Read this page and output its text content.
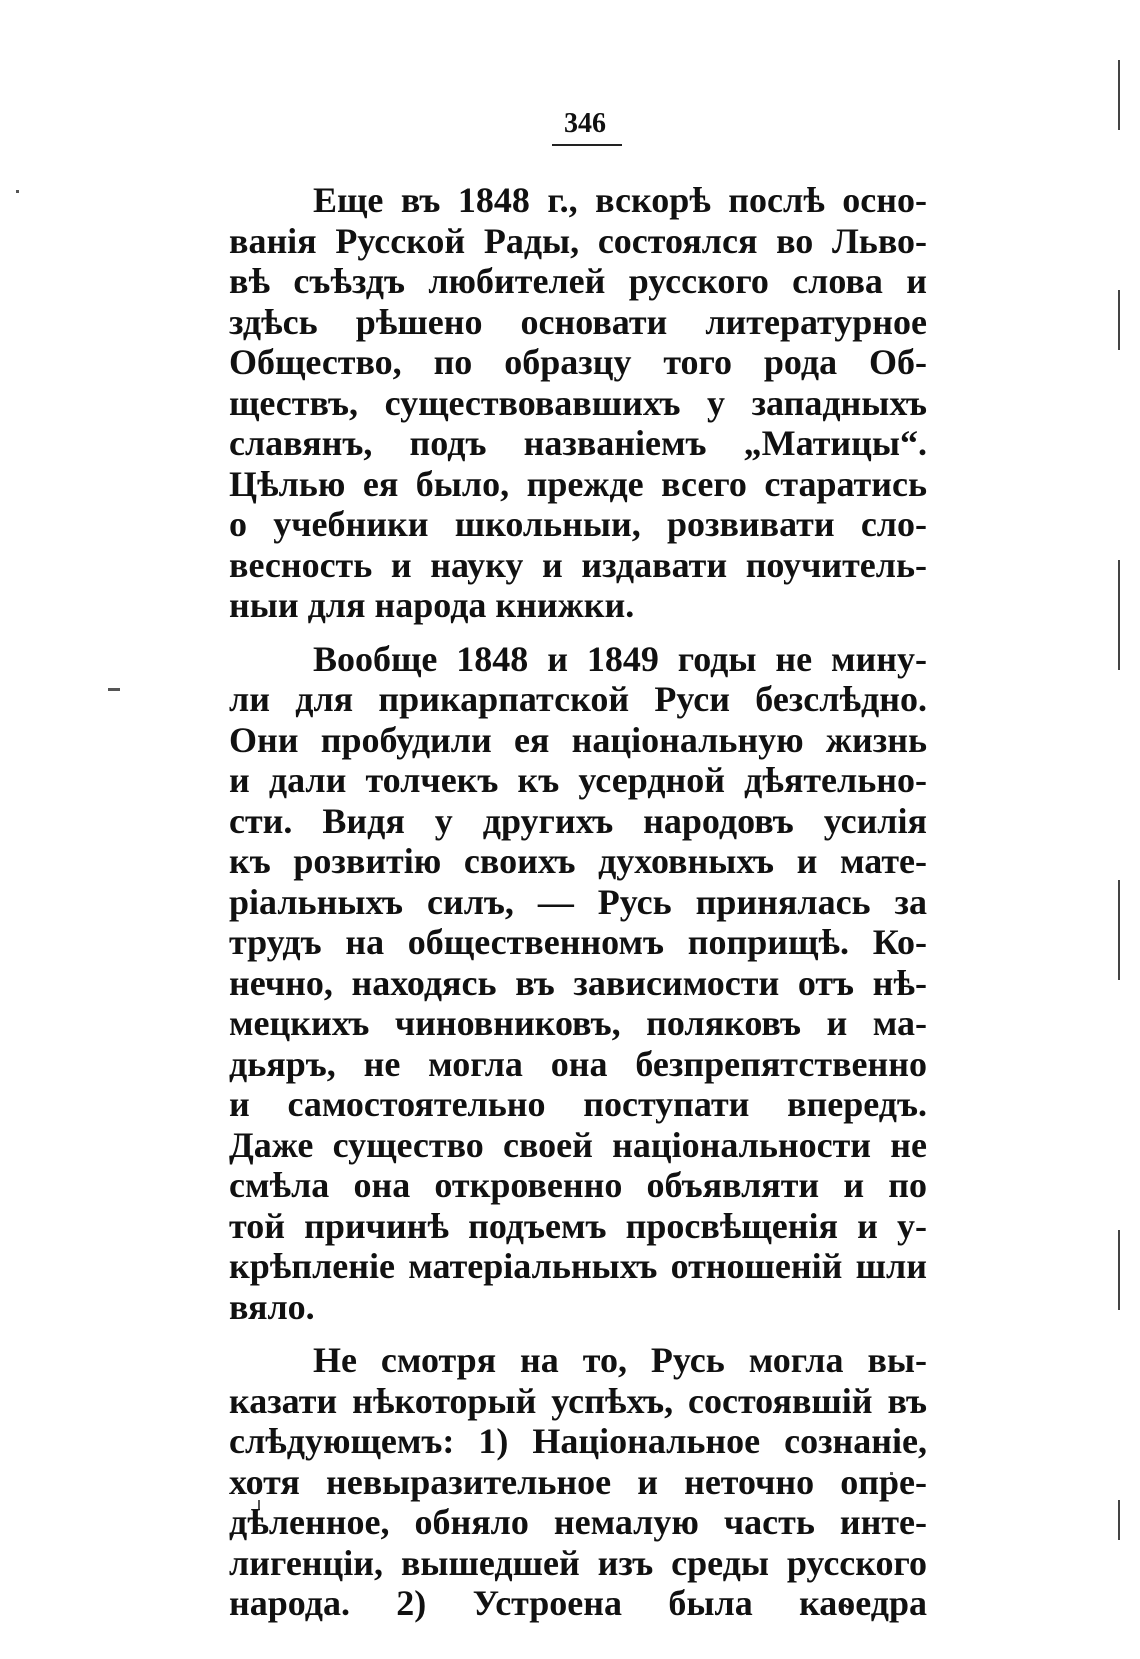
346
Еще въ 1848 г., вскорѣ послѣ осно-
ванія Русской Рады, состоялся во Льво-
вѣ съѣздъ любителей русского слова и
здѣсь рѣшено основати литературное
Общество, по образцу того рода Об-
ществъ, существовавшихъ у западныхъ
славянъ, подъ названіемъ „Матицы“.
Цѣлью ея было, прежде всего старатись
о учебники школьныи, розвивати сло-
весность и науку и издавати поучитель-
ныи для народа книжки.
Вообще 1848 и 1849 годы не мину-
ли для прикарпатской Руси безслѣдно.
Они пробудили ея національную жизнь
и дали толчекъ къ усердной дѣятельно-
сти. Видя у другихъ народовъ усилія
къ розвитію своихъ духовныхъ и мате-
ріальныхъ силъ, — Русь принялась за
трудъ на общественномъ поприщѣ. Ко-
нечно, находясь въ зависимости отъ нѣ-
мецкихъ чиновниковъ, поляковъ и ма-
дьяръ, не могла она безпрепятственно
и самостоятельно поступати впередъ.
Даже существо своей національности не
смѣла она откровенно объявляти и по
той причинѣ подъемъ просвѣщенія и у-
крѣпленіе матеріальныхъ отношеній шли
вяло.
Не смотря на то, Русь могла вы-
казати нѣкоторый успѣхъ, состоявшій въ
слѣдующемъ: 1) Національное сознаніе,
хотя невыразительное и неточно опре-
дѣленное, обняло немалую часть инте-
лигенціи, вышедшей изъ среды русского
народа. 2) Устроена была каѳедра
